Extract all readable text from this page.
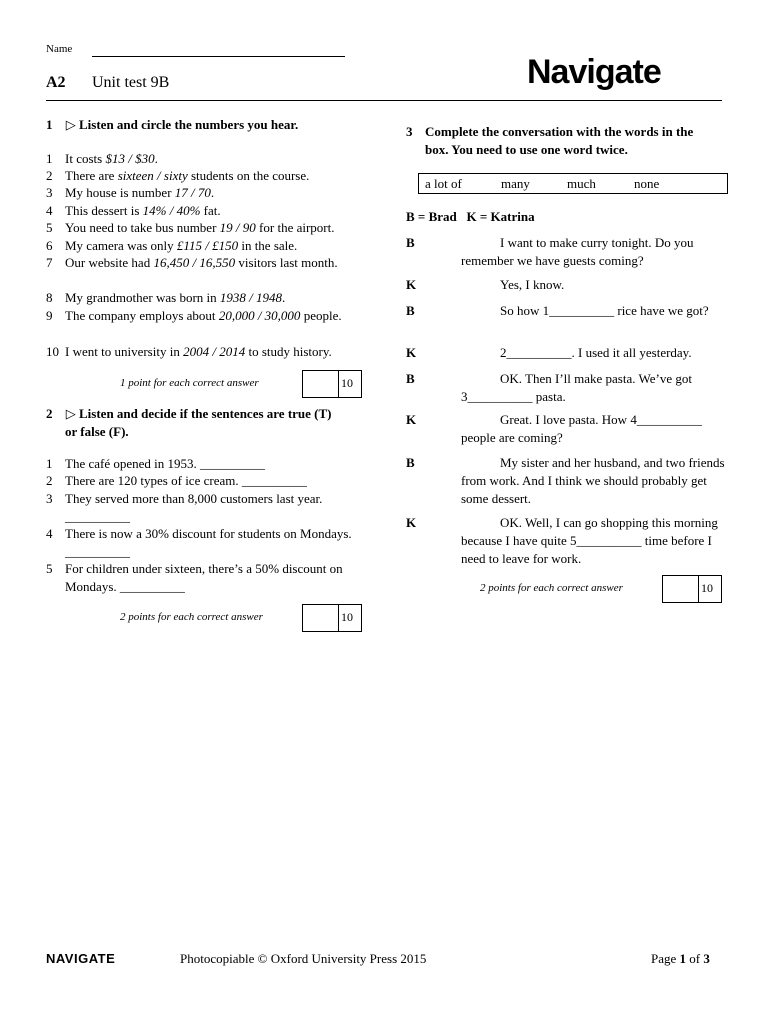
Name
A2 Unit test 9B	Navigate
1 ▷ Listen and circle the numbers you hear.
1 It costs $13 / $30.
2 There are sixteen / sixty students on the course.
3 My house is number 17 / 70.
4 This dessert is 14% / 40% fat.
5 You need to take bus number 19 / 90 for the airport.
6 My camera was only £115 / £150 in the sale.
7 Our website had 16,450 / 16,550 visitors last month.
8 My grandmother was born in 1938 / 1948.
9 The company employs about 20,000 / 30,000 people.
10 I went to university in 2004 / 2014 to study history.
1 point for each correct answer	10
2 ▷ Listen and decide if the sentences are true (T)
or false (F).
1 The café opened in 1953. __________
2 There are 120 types of ice cream. __________
3 They served more than 8,000 customers last year.
__________
4 There is now a 30% discount for students on Mondays. __________
5 For children under sixteen, there’s a 50% discount on Mondays. __________
2 points for each correct answer	10
3 Complete the conversation with the words in the
box. You need to use one word twice.
a lot of	many	much	none
B = Brad   K = Katrina
B	I want to make curry tonight. Do you remember we have guests coming?
K	Yes, I know.
B	So how 1__________ rice have we got?
K	2__________. I used it all yesterday.
B	OK. Then I’ll make pasta. We’ve got 3__________ pasta.
K	Great. I love pasta. How 4__________ people are coming?
B	My sister and her husband, and two friends from work. And I think we should probably get some dessert.
K	OK. Well, I can go shopping this morning because I have quite 5__________ time before I need to leave for work.
2 points for each correct answer	10
NAVIGATE	Photocopiable © Oxford University Press 2015	Page 1 of 3
